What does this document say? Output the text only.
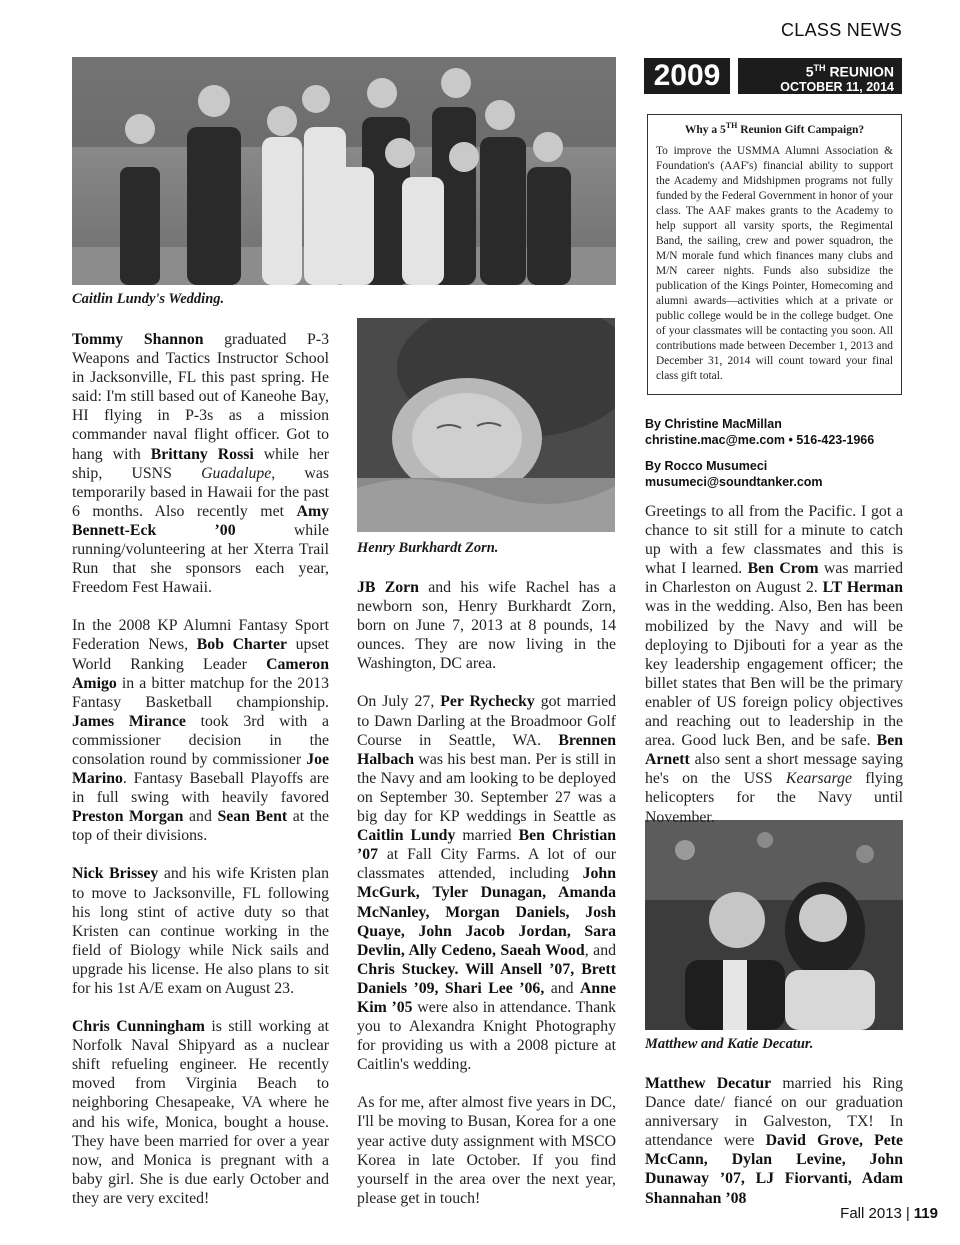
CLASS NEWS
2009	5TH REUNION
OCTOBER 11, 2014
Caitlin Lundy's Wedding.
Henry Burkhardt Zorn.
Matthew and Katie Decatur.
Why a 5TH Reunion Gift Campaign?
To improve the USMMA Alumni Association & Foundation's (AAF's) financial ability to support the Academy and Midshipmen programs not fully funded by the Federal Government in honor of your class. The AAF makes grants to the Academy to help support all varsity sports, the Regimental Band, the sailing, crew and power squadron, the M/N morale fund which finances many clubs and M/N career nights. Funds also subsidize the publication of the Kings Pointer, Homecoming and alumni awards—activities which at a private or public college would be in the college budget. One of your classmates will be contacting you soon. All contributions made between December 1, 2013 and December 31, 2014 will count toward your final class gift total.
By Christine MacMillan
christine.mac@me.com • 516-423-1966
By Rocco Musumeci
musumeci@soundtanker.com

Tommy Shannon graduated P-3 Weapons and Tactics Instructor School in Jacksonville, FL this past spring. He said: I'm still based out of Kaneohe Bay, HI flying in P-3s as a mission commander naval flight officer. Got to hang with Brittany Rossi while her ship, USNS Guadalupe, was temporarily based in Hawaii for the past 6 months. Also recently met Amy Bennett-Eck ’00 while running/volunteering at her Xterra Trail Run that she sponsors each year, Freedom Fest Hawaii.

In the 2008 KP Alumni Fantasy Sport Federation News, Bob Charter upset World Ranking Leader Cameron Amigo in a bitter matchup for the 2013 Fantasy Basketball championship. James Mirance took 3rd with a commissioner decision in the consolation round by commissioner Joe Marino. Fantasy Baseball Playoffs are in full swing with heavily favored Preston Morgan and Sean Bent at the top of their divisions.

Nick Brissey and his wife Kristen plan to move to Jacksonville, FL following his long stint of active duty so that Kristen can continue working in the field of Biology while Nick sails and upgrade his license. He also plans to sit for his 1st A/E exam on August 23.

Chris Cunningham is still working at Norfolk Naval Shipyard as a nuclear shift refueling engineer. He recently moved from Virginia Beach to neighboring Chesapeake, VA where he and his wife, Monica, bought a house. They have been married for over a year now, and Monica is pregnant with a baby girl. She is due early October and they are very excited!

JB Zorn and his wife Rachel has a newborn son, Henry Burkhardt Zorn, born on June 7, 2013 at 8 pounds, 14 ounces. They are now living in the Washington, DC area.

On July 27, Per Rychecky got married to Dawn Darling at the Broadmoor Golf Course in Seattle, WA. Brennen Halbach was his best man. Per is still in the Navy and am looking to be deployed on September 30. September 27 was a big day for KP weddings in Seattle as Caitlin Lundy married Ben Christian ’07 at Fall City Farms. A lot of our classmates attended, including John McGurk, Tyler Dunagan, Amanda McNanley, Morgan Daniels, Josh Quaye, John Jacob Jordan, Sara Devlin, Ally Cedeno, Saeah Wood, and Chris Stuckey. Will Ansell ’07, Brett Daniels ’09, Shari Lee ’06, and Anne Kim ’05 were also in attendance. Thank you to Alexandra Knight Photography for providing us with a 2008 picture at Caitlin's wedding.

As for me, after almost five years in DC, I'll be moving to Busan, Korea for a one year active duty assignment with MSCO Korea in late October. If you find yourself in the area over the next year, please get in touch!

Greetings to all from the Pacific. I got a chance to sit still for a minute to catch up with a few classmates and this is what I learned. Ben Crom was married in Charleston on August 2. LT Herman was in the wedding. Also, Ben has been mobilized by the Navy and will be deploying to Djibouti for a year as the key leadership engagement officer; the billet states that Ben will be the primary enabler of US foreign policy objectives and reaching out to leadership in the area. Good luck Ben, and be safe. Ben Arnett also sent a short message saying he's on the USS Kearsarge flying helicopters for the Navy until November.

Matthew Decatur married his Ring Dance date/ fiancé on our graduation anniversary in Galveston, TX! In attendance were David Grove, Pete McCann, Dylan Levine, John Dunaway ’07, LJ Fiorvanti, Adam Shannahan ’08

Fall 2013 | 119
